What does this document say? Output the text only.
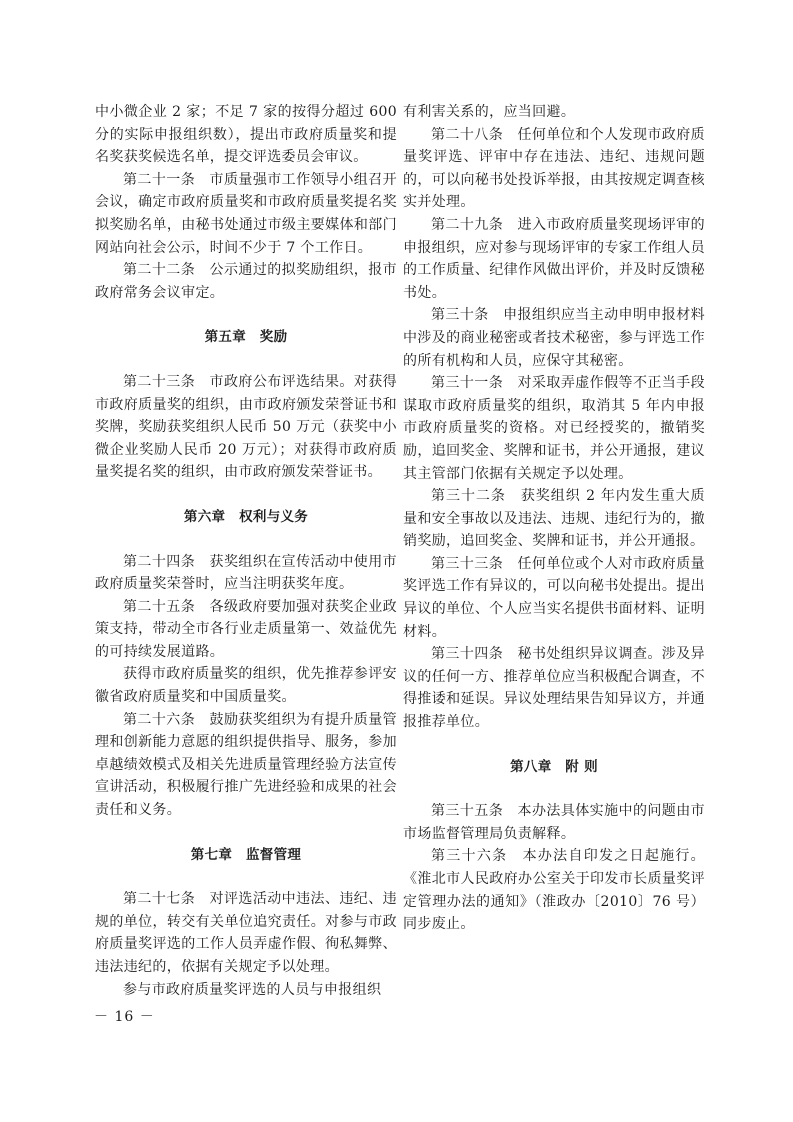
中小微企业 2 家；不足 7 家的按得分超过 600 分的实际申报组织数），提出市政府质量奖和提名奖获奖候选名单，提交评选委员会审议。

第二十一条　市质量强市工作领导小组召开会议，确定市政府质量奖和市政府质量奖提名奖拟奖励名单，由秘书处通过市级主要媒体和部门网站向社会公示，时间不少于 7 个工作日。

第二十二条　公示通过的拟奖励组织，报市政府常务会议审定。

第五章　奖励

第二十三条　市政府公布评选结果。对获得市政府质量奖的组织，由市政府颁发荣誉证书和奖牌，奖励获奖组织人民币 50 万元（获奖中小微企业奖励人民币 20 万元）；对获得市政府质量奖提名奖的组织，由市政府颁发荣誉证书。

第六章　权利与义务

第二十四条　获奖组织在宣传活动中使用市政府质量奖荣誉时，应当注明获奖年度。

第二十五条　各级政府要加强对获奖企业政策支持，带动全市各行业走质量第一、效益优先的可持续发展道路。

获得市政府质量奖的组织，优先推荐参评安徽省政府质量奖和中国质量奖。

第二十六条　鼓励获奖组织为有提升质量管理和创新能力意愿的组织提供指导、服务，参加卓越绩效模式及相关先进质量管理经验方法宣传宣讲活动，积极履行推广先进经验和成果的社会责任和义务。

第七章　监督管理

第二十七条　对评选活动中违法、违纪、违规的单位，转交有关单位追究责任。对参与市政府质量奖评选的工作人员弄虚作假、徇私舞弊、违法违纪的，依据有关规定予以处理。

参与市政府质量奖评选的人员与申报组织

有利害关系的，应当回避。

第二十八条　任何单位和个人发现市政府质量奖评选、评审中存在违法、违纪、违规问题的，可以向秘书处投诉举报，由其按规定调查核实并处理。

第二十九条　进入市政府质量奖现场评审的申报组织，应对参与现场评审的专家工作组人员的工作质量、纪律作风做出评价，并及时反馈秘书处。

第三十条　申报组织应当主动申明申报材料中涉及的商业秘密或者技术秘密，参与评选工作的所有机构和人员，应保守其秘密。

第三十一条　对采取弄虚作假等不正当手段谋取市政府质量奖的组织，取消其 5 年内申报市政府质量奖的资格。对已经授奖的，撤销奖励，追回奖金、奖牌和证书，并公开通报，建议其主管部门依据有关规定予以处理。

第三十二条　获奖组织 2 年内发生重大质量和安全事故以及违法、违规、违纪行为的，撤销奖励，追回奖金、奖牌和证书，并公开通报。

第三十三条　任何单位或个人对市政府质量奖评选工作有异议的，可以向秘书处提出。提出异议的单位、个人应当实名提供书面材料、证明材料。

第三十四条　秘书处组织异议调查。涉及异议的任何一方、推荐单位应当积极配合调查，不得推诿和延误。异议处理结果告知异议方，并通报推荐单位。

第八章　附 则

第三十五条　本办法具体实施中的问题由市市场监督管理局负责解释。

第三十六条　本办法自印发之日起施行。《淮北市人民政府办公室关于印发市长质量奖评定管理办法的通知》（淮政办〔2010〕76 号）同步废止。

－ 16 －
